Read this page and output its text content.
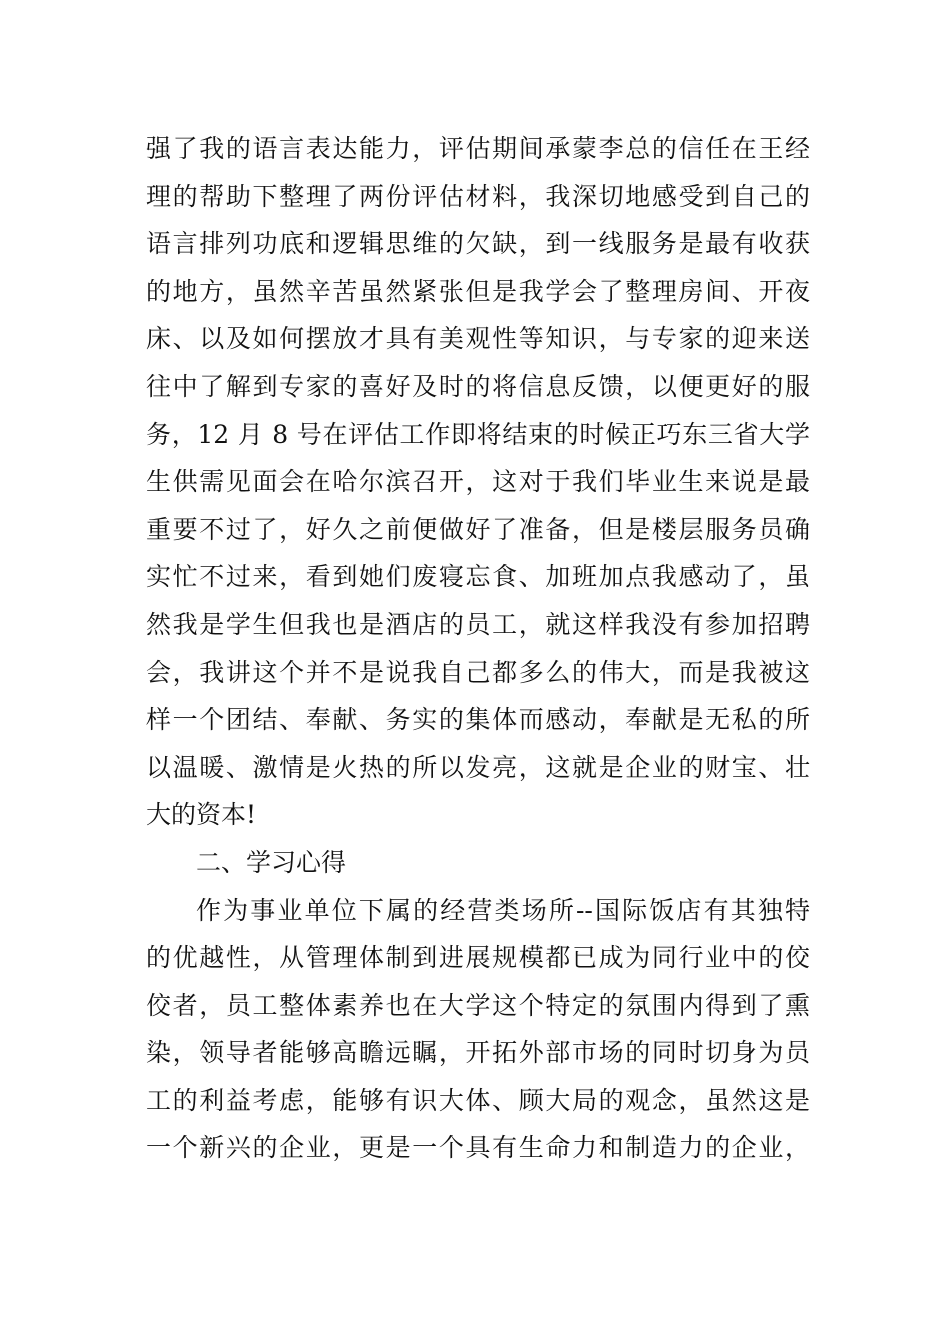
强了我的语言表达能力，评估期间承蒙李总的信任在王经
理的帮助下整理了两份评估材料，我深切地感受到自己的
语言排列功底和逻辑思维的欠缺，到一线服务是最有收获
的地方，虽然辛苦虽然紧张但是我学会了整理房间、开夜
床、以及如何摆放才具有美观性等知识，与专家的迎来送
往中了解到专家的喜好及时的将信息反馈，以便更好的服
务，12 月 8 号在评估工作即将结束的时候正巧东三省大学
生供需见面会在哈尔滨召开，这对于我们毕业生来说是最
重要不过了，好久之前便做好了准备，但是楼层服务员确
实忙不过来，看到她们废寝忘食、加班加点我感动了，虽
然我是学生但我也是酒店的员工，就这样我没有参加招聘
会，我讲这个并不是说我自己都多么的伟大，而是我被这
样一个团结、奉献、务实的集体而感动，奉献是无私的所
以温暖、激情是火热的所以发亮，这就是企业的财宝、壮
大的资本!
二、学习心得
作为事业单位下属的经营类场所--国际饭店有其独特
的优越性，从管理体制到进展规模都已成为同行业中的佼
佼者，员工整体素养也在大学这个特定的氛围内得到了熏
染，领导者能够高瞻远瞩，开拓外部市场的同时切身为员
工的利益考虑，能够有识大体、顾大局的观念，虽然这是
一个新兴的企业，更是一个具有生命力和制造力的企业，
